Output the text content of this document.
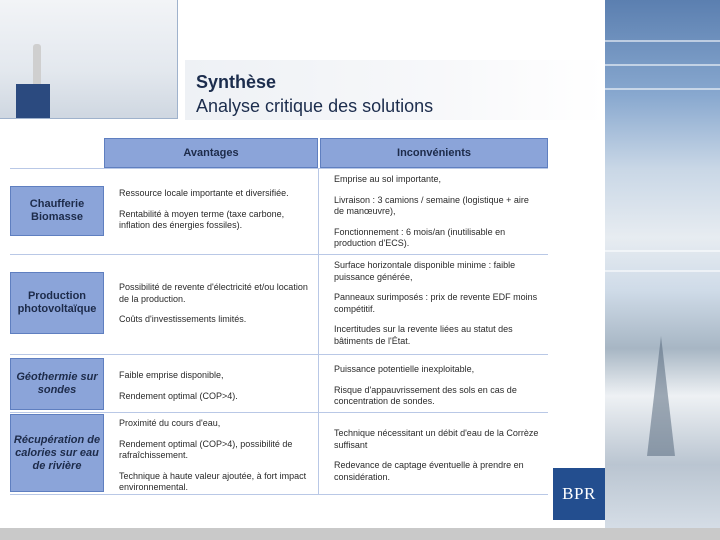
Synthèse
Analyse critique des solutions
BPR
Avantages	Inconvénients
Chaufferie Biomasse

Ressource locale importante et diversifiée.

Rentabilité à moyen terme (taxe carbone, inflation des énergies fossiles).

Emprise au sol importante,

Livraison : 3 camions / semaine (logistique + aire de manœuvre),

Fonctionnement : 6 mois/an (inutilisable en production d'ECS).

Production photovoltaïque

Possibilité de revente d'électricité et/ou location de la production.

Coûts d'investissements limités.

Surface horizontale disponible minime : faible puissance générée,

Panneaux surimposés : prix de revente EDF moins compétitif.

Incertitudes sur la revente liées au statut des bâtiments de l'État.

Géothermie sur sondes

Faible emprise disponible,

Rendement optimal (COP>4).

Puissance potentielle inexploitable,

Risque d'appauvrissement des sols en cas de concentration de sondes.

Récupération de calories sur eau de rivière

Proximité du cours d'eau,

Rendement optimal (COP>4), possibilité de rafraîchissement.

Technique à haute valeur ajoutée, à fort impact environnemental.

Technique nécessitant un débit d'eau de la Corrèze suffisant

Redevance de captage éventuelle à prendre en considération.
